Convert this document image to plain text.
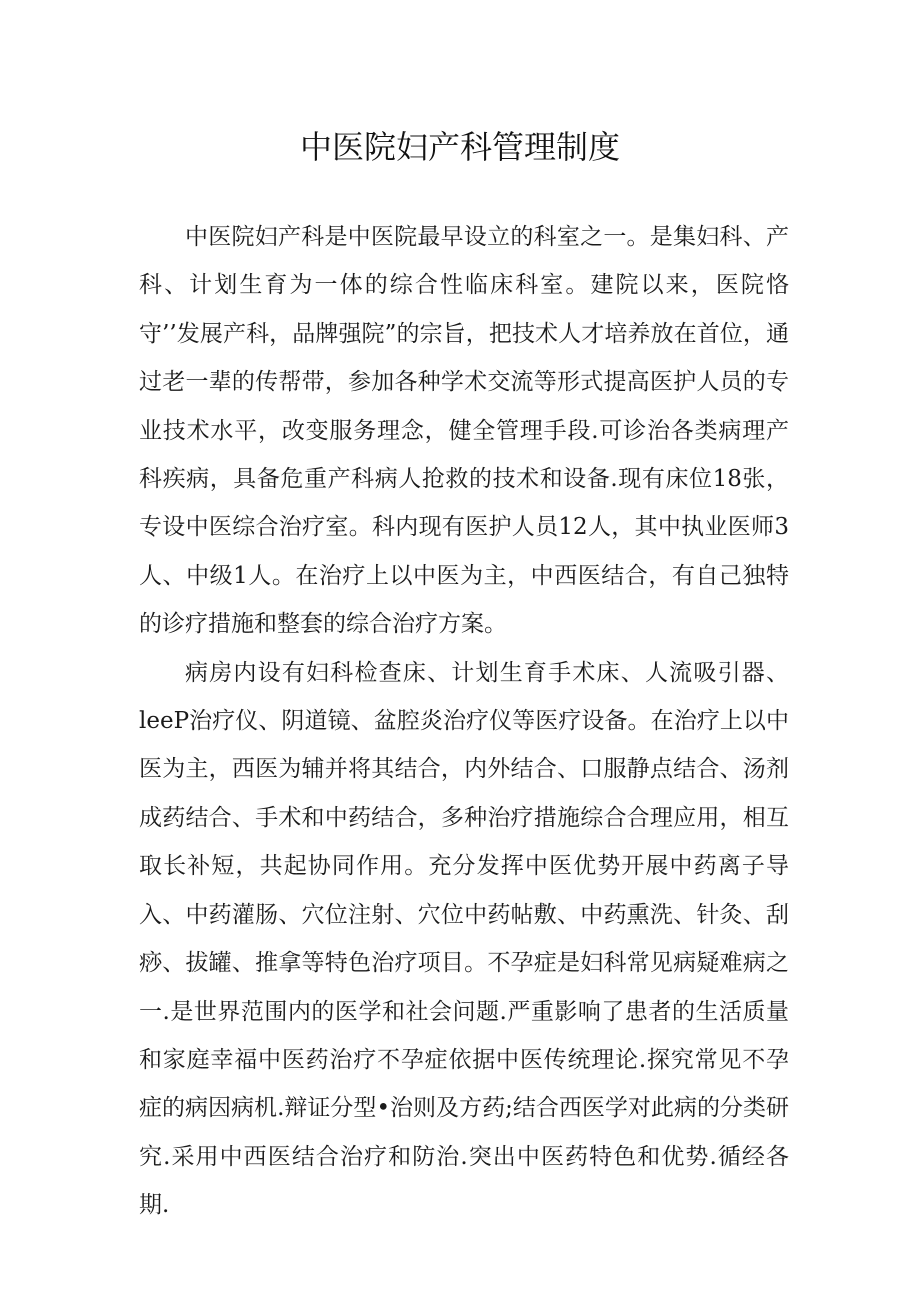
中医院妇产科管理制度

中医院妇产科是中医院最早设立的科室之一。是集妇科、产科、计划生育为一体的综合性临床科室。建院以来，医院恪守’’发展产科，品牌强院”的宗旨，把技术人才培养放在首位，通过老一辈的传帮带，参加各种学术交流等形式提高医护人员的专业技术水平，改变服务理念，健全管理手段.可诊治各类病理产科疾病，具备危重产科病人抢救的技术和设备.现有床位18张，专设中医综合治疗室。科内现有医护人员12人，其中执业医师3人、中级1人。在治疗上以中医为主，中西医结合，有自己独特的诊疗措施和整套的综合治疗方案。

病房内设有妇科检查床、计划生育手术床、人流吸引器、leeP治疗仪、阴道镜、盆腔炎治疗仪等医疗设备。在治疗上以中医为主，西医为辅并将其结合，内外结合、口服静点结合、汤剂成药结合、手术和中药结合，多种治疗措施综合合理应用，相互取长补短，共起协同作用。充分发挥中医优势开展中药离子导入、中药灌肠、穴位注射、穴位中药帖敷、中药熏洗、针灸、刮痧、拔罐、推拿等特色治疗项目。不孕症是妇科常见病疑难病之一.是世界范围内的医学和社会问题.严重影响了患者的生活质量和家庭幸福中医药治疗不孕症依据中医传统理论.探究常见不孕症的病因病机.辩证分型•治则及方药;结合西医学对此病的分类研究.采用中西医结合治疗和防治.突出中医药特色和优势.循经各期.
